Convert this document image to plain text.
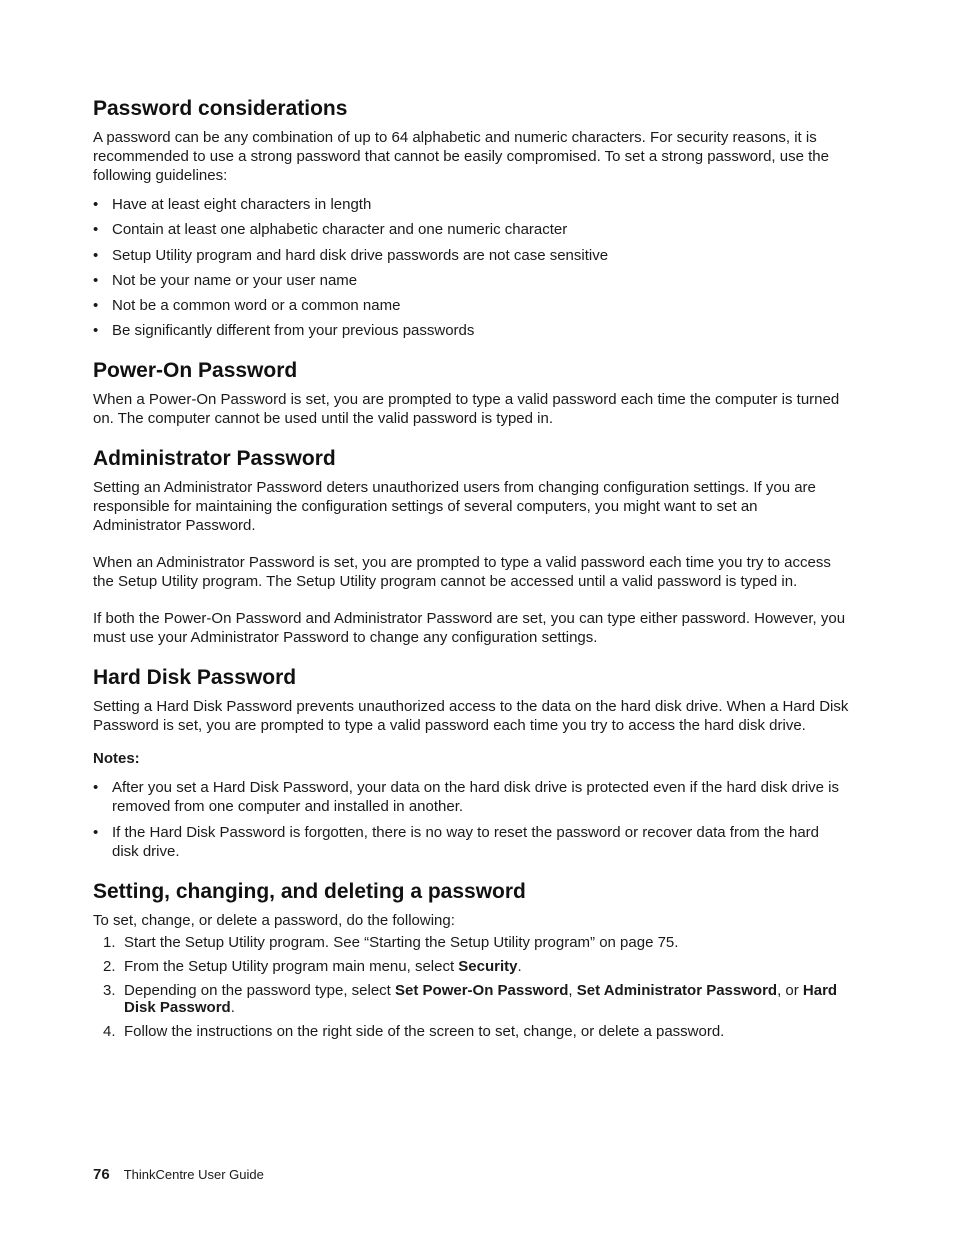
Password considerations

A password can be any combination of up to 64 alphabetic and numeric characters. For security reasons, it is recommended to use a strong password that cannot be easily compromised. To set a strong password, use the following guidelines:

• Have at least eight characters in length
• Contain at least one alphabetic character and one numeric character
• Setup Utility program and hard disk drive passwords are not case sensitive
• Not be your name or your user name
• Not be a common word or a common name
• Be significantly different from your previous passwords
Power-On Password

When a Power-On Password is set, you are prompted to type a valid password each time the computer is turned on. The computer cannot be used until the valid password is typed in.

Administrator Password

Setting an Administrator Password deters unauthorized users from changing configuration settings. If you are responsible for maintaining the configuration settings of several computers, you might want to set an Administrator Password.

When an Administrator Password is set, you are prompted to type a valid password each time you try to access the Setup Utility program. The Setup Utility program cannot be accessed until a valid password is typed in.

If both the Power-On Password and Administrator Password are set, you can type either password. However, you must use your Administrator Password to change any configuration settings.

Hard Disk Password

Setting a Hard Disk Password prevents unauthorized access to the data on the hard disk drive. When a Hard Disk Password is set, you are prompted to type a valid password each time you try to access the hard disk drive.

Notes:
• After you set a Hard Disk Password, your data on the hard disk drive is protected even if the hard disk drive is removed from one computer and installed in another.
• If the Hard Disk Password is forgotten, there is no way to reset the password or recover data from the hard disk drive.
Setting, changing, and deleting a password

To set, change, or delete a password, do the following:

1. Start the Setup Utility program. See “Starting the Setup Utility program” on page 75.
2. From the Setup Utility program main menu, select Security.
3. Depending on the password type, select Set Power-On Password, Set Administrator Password, or Hard Disk Password.
4. Follow the instructions on the right side of the screen to set, change, or delete a password.
76 ThinkCentre User Guide
